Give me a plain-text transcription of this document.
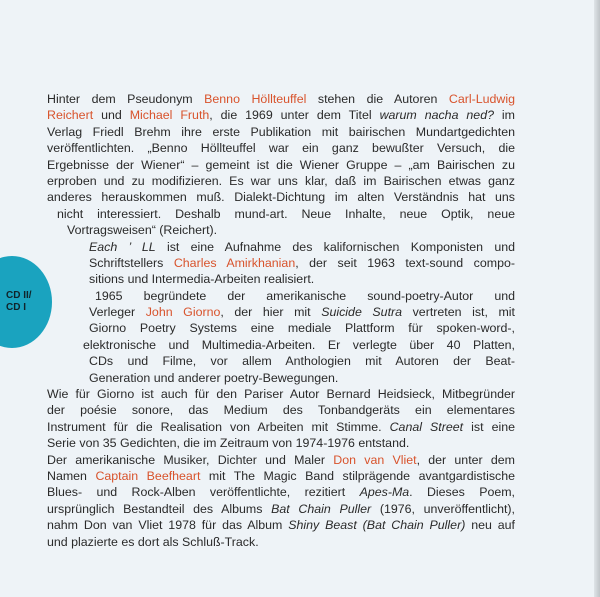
CD II/
CD I
Hinter dem Pseudonym Benno Höllteuffel stehen die Autoren Carl-Ludwig
Reichert und Michael Fruth, die 1969 unter dem Titel warum nacha ned? im
Verlag Friedl Brehm ihre erste Publikation mit bairischen Mundartgedichten
veröffentlichten. „Benno Höllteuffel war ein ganz bewußter Versuch, die
Ergebnisse der Wiener“ – gemeint ist die Wiener Gruppe – „am Bairischen zu
erproben und zu modifizieren. Es war uns klar, daß im Bairischen etwas ganz
anderes herauskommen muß. Dialekt-Dichtung im alten Verständnis hat uns
nicht interessiert. Deshalb mund-art. Neue Inhalte, neue Optik, neue
Vortragsweisen“ (Reichert).
Each ’ LL ist eine Aufnahme des kalifornischen Komponisten und
Schriftstellers Charles Amirkhanian, der seit 1963 text-sound compo-
sitions und Intermedia-Arbeiten realisiert.
1965 begründete der amerikanische sound-poetry-Autor und
Verleger John Giorno, der hier mit Suicide Sutra vertreten ist, mit
Giorno Poetry Systems eine mediale Plattform für spoken-word-,
elektronische und Multimedia-Arbeiten. Er verlegte über 40 Platten,
CDs und Filme, vor allem Anthologien mit Autoren der Beat-
Generation und anderer poetry-Bewegungen.
Wie für Giorno ist auch für den Pariser Autor Bernard Heidsieck, Mitbegründer
der poésie sonore, das Medium des Tonbandgeräts ein elementares
Instrument für die Realisation von Arbeiten mit Stimme. Canal Street ist eine
Serie von 35 Gedichten, die im Zeitraum von 1974-1976 entstand.
Der amerikanische Musiker, Dichter und Maler Don van Vliet, der unter dem
Namen Captain Beefheart mit The Magic Band stilprägende avantgardistische
Blues- und Rock-Alben veröffentlichte, rezitiert Apes-Ma. Dieses Poem,
ursprünglich Bestandteil des Albums Bat Chain Puller (1976, unveröffentlicht),
nahm Don van Vliet 1978 für das Album Shiny Beast (Bat Chain Puller) neu auf
und plazierte es dort als Schluß-Track.
